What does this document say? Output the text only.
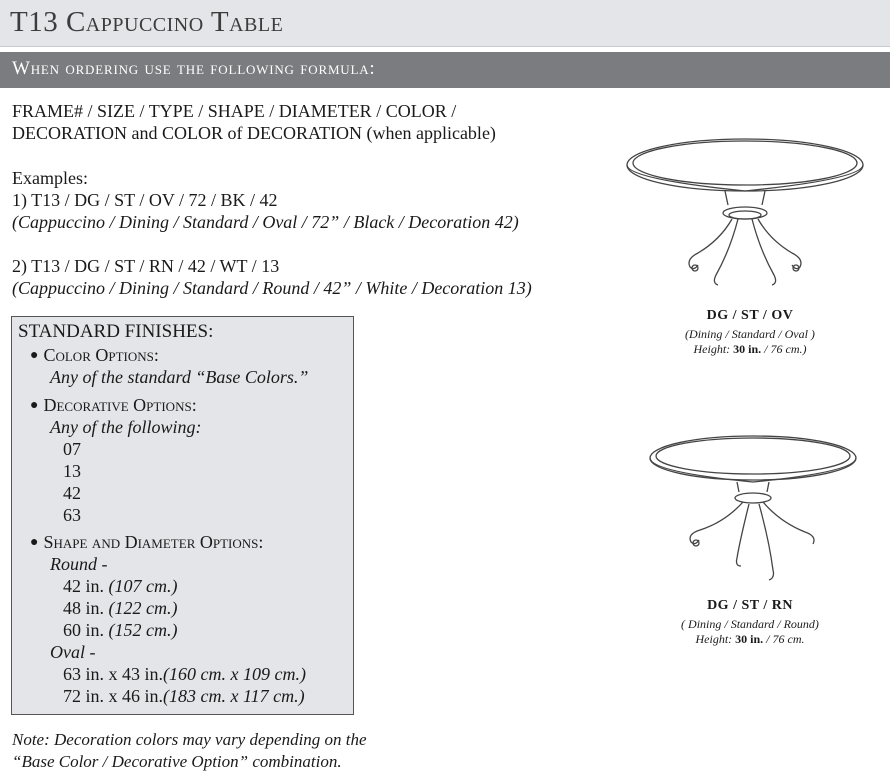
T13 Cappuccino Table
When ordering use the following formula:
FRAME# / SIZE / TYPE / SHAPE / DIAMETER / COLOR /
DECORATION and COLOR of DECORATION (when applicable)
Examples:
1) T13 / DG / ST / OV / 72 / BK / 42
(Cappuccino / Dining / Standard / Oval / 72” / Black / Decoration 42)
2) T13 / DG / ST / RN / 42 / WT / 13
(Cappuccino / Dining / Standard / Round / 42” / White / Decoration 13)
STANDARD FINISHES:
● Color Options:
Any of the standard “Base Colors.”
● Decorative Options:
Any of the following:
07
13
42
63
● Shape and Diameter Options:
Round -
42 in. (107 cm.)
48 in. (122 cm.)
60 in. (152 cm.)
Oval -
63 in. x 43 in.(160 cm. x 109 cm.)
72 in. x 46 in.(183 cm. x 117 cm.)
Note: Decoration colors may vary depending on the
“Base Color / Decorative Option” combination.
DG / ST / OV
(Dining / Standard / Oval )
Height: 30 in. / 76 cm.)
DG / ST / RN
( Dining / Standard / Round)
Height: 30 in. / 76 cm.
